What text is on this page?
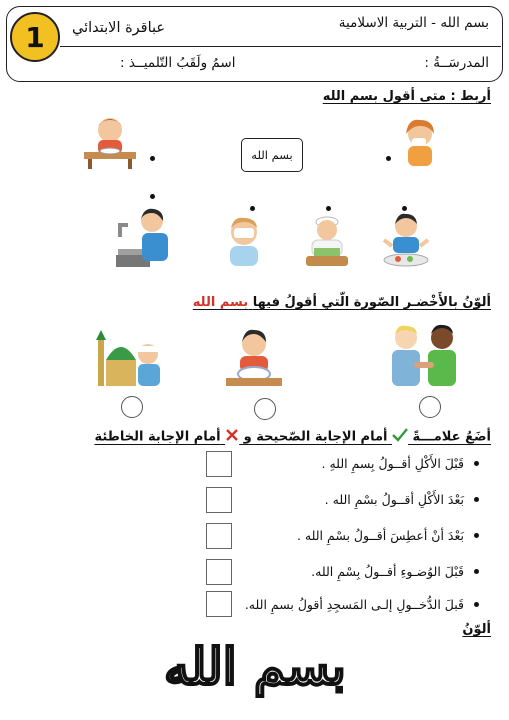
1	عباقرة الابتدائي	بسم الله - التربية الاسلامية
المدرسَــةُ :
اسمُ ولَقَبُ التّلميــذ :
أربط : متى أقول بسم الله
بسم الله
ألوّنُ بالأَخْضـر الصّورة الّتي أقولُ فيها بسم الله
أضَعُ علامـــةً  أمام الإجابة الصّحيحة و  أمام الإجابة الخاطئة
قَبْلَ الأَكْلِ أقــولُ بِسمِ اللهِ .
بَعْدَ الأَكْلِ أقــولُ بسْمِ الله .
بَعْدَ أنْ أعطِسَ أقــولُ بسْمِ الله .
قَبْلَ الوُضـوءِ أقــولُ بِسْمِ الله.
قَبلَ الدُّخــولِ إلـى المَسجِدِ أقولُ بسمِ الله.
ألوّنُ
بسم الله
